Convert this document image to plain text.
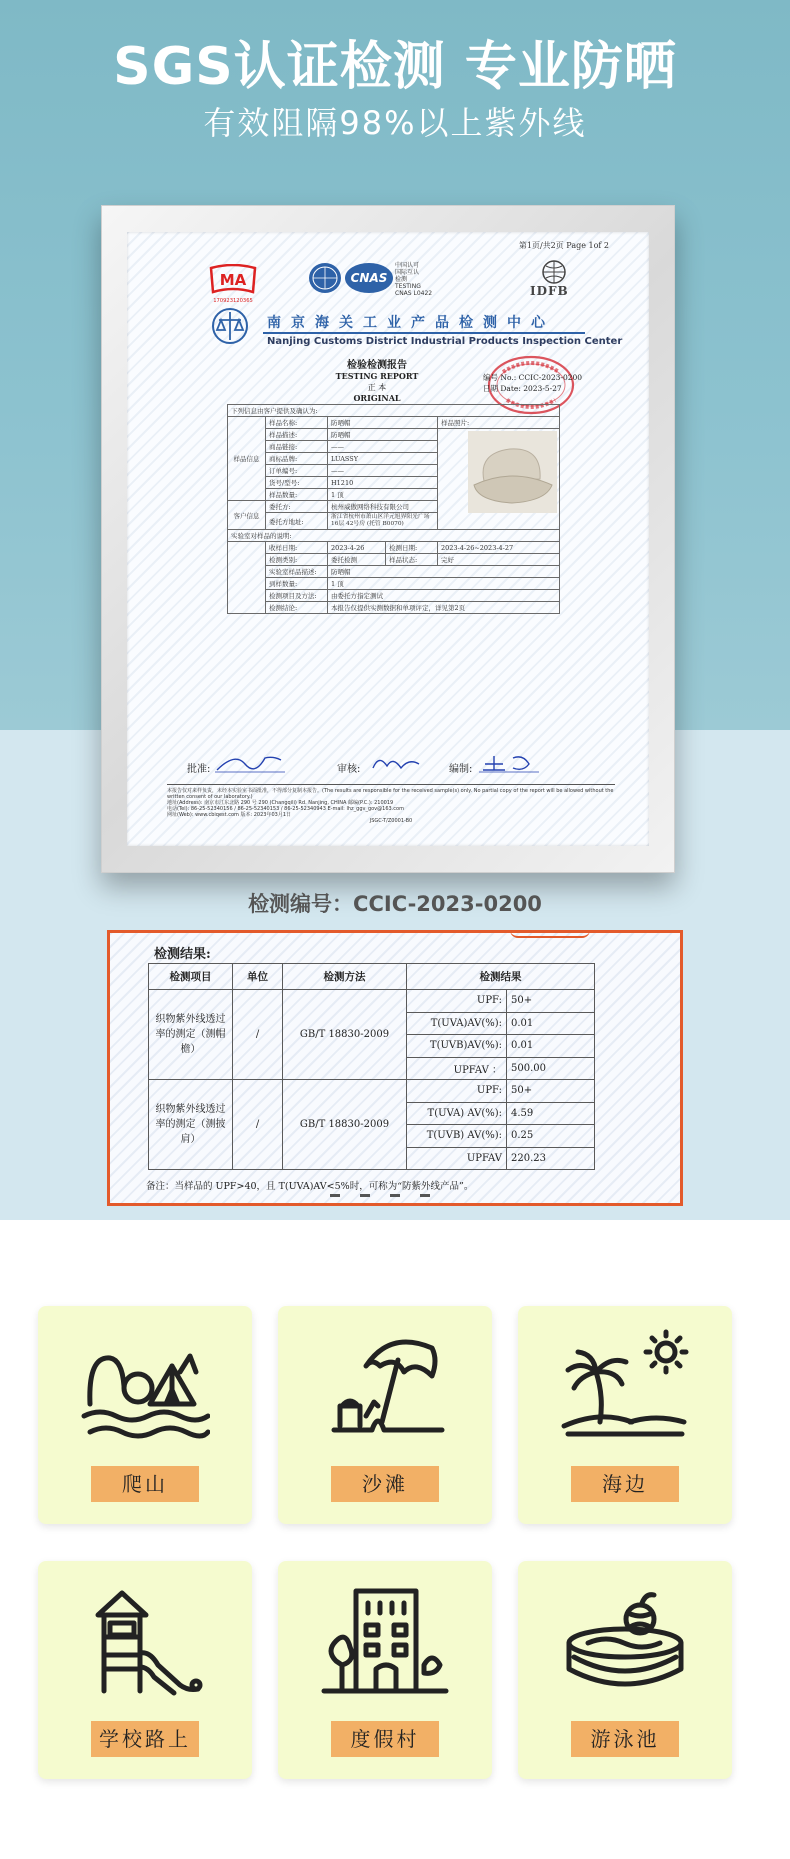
SGS认证检测 专业防晒
有效阻隔98%以上紫外线
第1页/共2页 Page 1of 2
MA
170923120365
CNAS
中国认可
国际互认
检测
TESTING
CNAS L0422	IDFB
南京海关工业产品检测中心
Nanjing Customs District Industrial Products Inspection Center
检验检测报告
TESTING REPORT
正 本
ORIGINAL
编号 No.: CCIC-2023-0200
日期 Date: 2023-5-27
下列信息由客户提供及确认为:				
样品信息	样品名称:	防晒帽		样品照片:
	样品描述:	防晒帽		
	商品链接:	——		
	商标品牌:	LUASSY		
	订单编号:	——		
	货号/型号:	H1210		
	样品数量:	1 顶		
客户信息	委托方:	杭州威傲网络科技有限公司		
	委托方地址:	浙江省杭州市萧山区洋元旭界阳光广场 16层 42号房 (托管 B0070)		
实验室对样品的说明:				
	收样日期:	2023-4-26	检测日期:	2023-4-26~2023-4-27
	检测类别:	委托检测	样品状态:	完好
	实验室样品描述:	防晒帽		
	到样数量:	1 顶		
	检测项目及方法:	由委托方指定测试		
	检测结论:	本报告仅提供实测数据和单项评定，详见第2页		
批准:	审核:	编制:
本报告仅对来样负责，未经本实验室书面批准，不得部分复制本报告。(The results are responsible for the received sample(s) only. No partial copy of the report will be allowed without the written consent of our laboratory.)
地址(Address): 南京市江东北路 290 号 290 (Changqili) Rd. Nanjing, CHINA 邮编(P.C.): 210019
电话(Tel): 86-25-52340156 / 86-25-52340153 / 86-25-52340943 E-mail: lhz_ggv_gov@163.com
网址(Web): www.cbiqest.com 版本: 2023年03月1日
JSGC-T/Z0001-B0
检测编号：CCIC-2023-0200
检测结果:
检测项目	单位	检测方法	检测结果	
织物紫外线透过率的测定（测帽檐）	/	GB/T 18830-2009	UPF:	50+
			T(UVA)AV(%):	0.01
			T(UVB)AV(%):	0.01
			UPFAV ：	500.00
织物紫外线透过率的测定（测披肩）	/	GB/T 18830-2009	UPF:	50+
			T(UVA) AV(%):	4.59
			T(UVB) AV(%):	0.25
			UPFAV	220.23
备注：当样品的 UPF>40，且 T(UVA)AV<5%时，可称为“防紫外线产品”。
爬山	沙滩	海边
学校路上	度假村	游泳池
